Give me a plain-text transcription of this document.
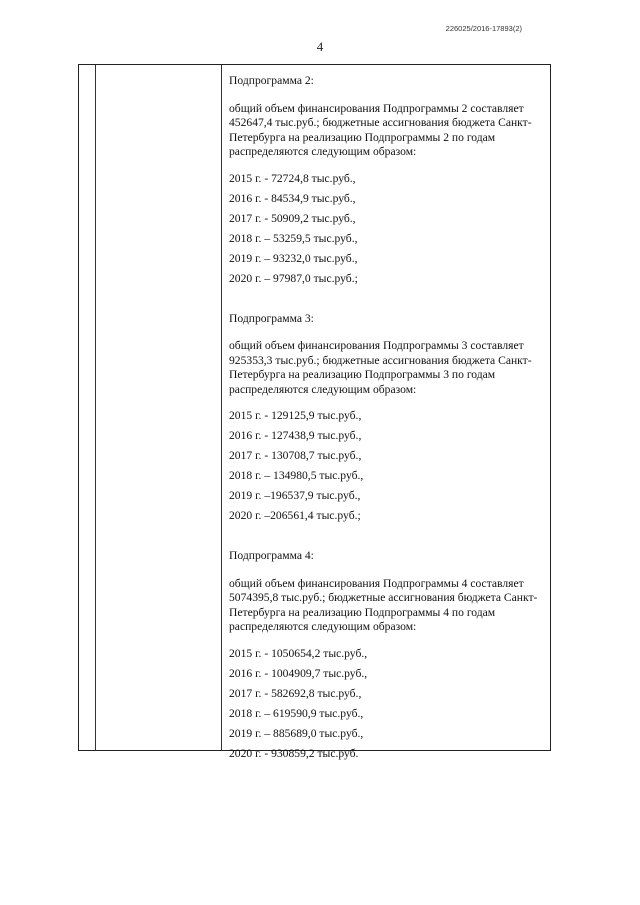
226025/2016-17893(2)
4

Подпрограмма 2:

общий объем финансирования Подпрограммы 2 составляет 452647,4 тыс.руб.; бюджетные ассигнования бюджета Санкт-Петербурга на реализацию Подпрограммы 2 по годам распределяются следующим образом:

2015 г. - 72724,8 тыс.руб.,

2016 г. - 84534,9 тыс.руб.,

2017 г. - 50909,2 тыс.руб.,

2018 г. – 53259,5 тыс.руб.,

2019 г. – 93232,0 тыс.руб.,

2020 г. – 97987,0 тыс.руб.;

Подпрограмма 3:

общий объем финансирования Подпрограммы 3 составляет 925353,3 тыс.руб.; бюджетные ассигнования бюджета Санкт-Петербурга на реализацию Подпрограммы 3 по годам распределяются следующим образом:

2015 г. - 129125,9 тыс.руб.,

2016 г. - 127438,9 тыс.руб.,

2017 г. - 130708,7 тыс.руб.,

2018 г. – 134980,5 тыс.руб.,

2019 г. –196537,9 тыс.руб.,

2020 г. –206561,4 тыс.руб.;

Подпрограмма 4:

общий объем финансирования Подпрограммы 4 составляет 5074395,8 тыс.руб.; бюджетные ассигнования бюджета Санкт-Петербурга на реализацию Подпрограммы 4 по годам распределяются следующим образом:

2015 г. - 1050654,2 тыс.руб.,

2016 г. - 1004909,7 тыс.руб.,

2017 г. - 582692,8 тыс.руб.,

2018 г. – 619590,9 тыс.руб.,

2019 г. – 885689,0 тыс.руб.,

2020 г. - 930859,2 тыс.руб.
